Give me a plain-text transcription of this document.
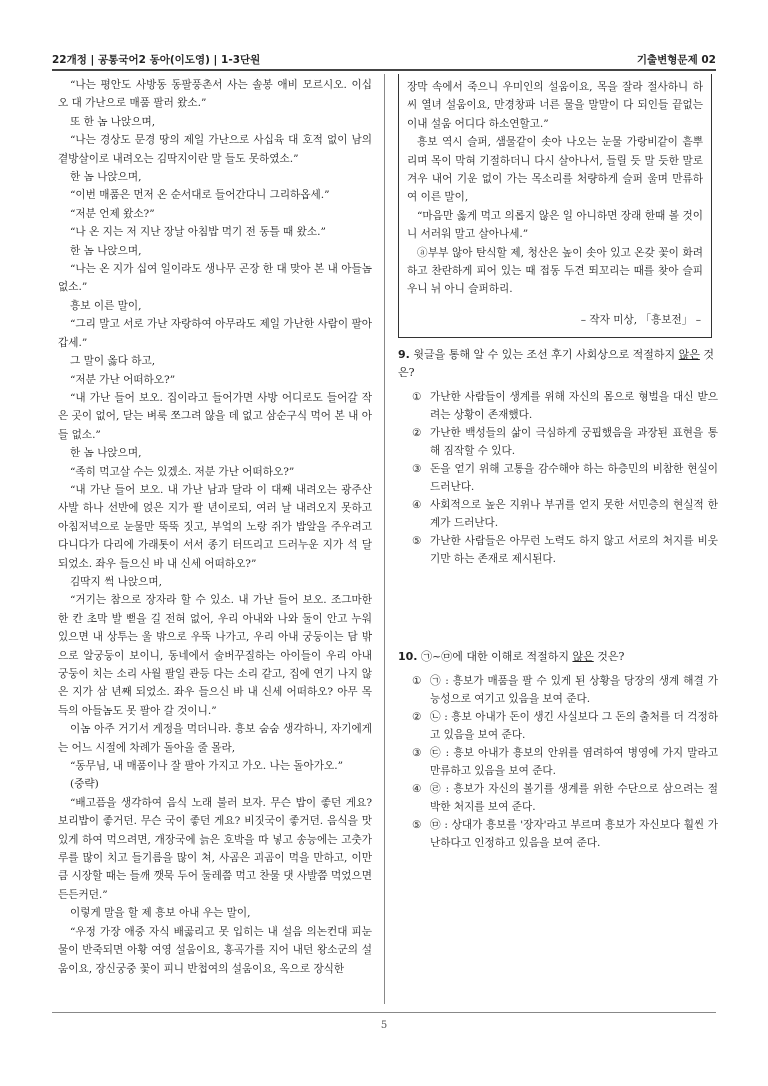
22개정 | 공통국어2 동아(이도영) | 1-3단원	기출변형문제 02
“나는 평안도 사방동 동팔풍촌서 사는 솔봉 애비 모르시오. 이십 오 대 가난으로 매품 팔러 왔소.”
또 한 놈 나앉으며,
“나는 경상도 문경 땅의 제일 가난으로 사십육 대 호적 없이 남의 곁방살이로 내려오는 김딱지이란 말 들도 못하였소.”
한 놈 나앉으며,
“이번 매품은 먼저 온 순서대로 들어간다니 그리하옵세.”
“저분 언제 왔소?”
“나 온 지는 저 지난 장날 아침밥 먹기 전 동틀 때 왔소.”
한 놈 나앉으며,
“나는 온 지가 십여 일이라도 생나무 곤장 한 대 맞아 본 내 아들놈 없소.”
흥보 이른 말이,
“그리 말고 서로 가난 자랑하여 아무라도 제일 가난한 사람이 팔아 갑세.”
그 말이 옳다 하고,
“저분 가난 어떠하오?”
“내 가난 들어 보오. 집이라고 들어가면 사방 어디로도 들어갈 작은 곳이 없어, 닫는 벼룩 쪼그려 않을 데 없고 삼순구식 먹어 본 내 아들 없소.”
한 놈 나앉으며,
“족히 먹고살 수는 있겠소. 저분 가난 어떠하오?”
“내 가난 들어 보오. 내 가난 남과 달라 이 대째 내려오는 광주산 사발 하나 선반에 얹은 지가 팔 년이로되, 여러 날 내려오지 못하고 아침저녁으로 눈물만 뚝뚝 짓고, 부엌의 노랑 쥐가 밥알을 주우려고 다니다가 다리에 가래톳이 서서 종기 터뜨리고 드러누운 지가 석 달 되었소. 좌우 들으신 바 내 신세 어떠하오?”
김딱지 썩 나앉으며,
“거기는 참으로 장자라 할 수 있소. 내 가난 들어 보오. 조그마한 한 칸 초막 발 뻗을 길 전혀 없어, 우리 아내와 나와 둘이 안고 누워 있으면 내 상투는 울 밖으로 우뚝 나가고, 우리 아내 궁둥이는 담 밖으로 알궁둥이 보이니, 동네에서 술버꾸질하는 아이들이 우리 아내 궁둥이 치는 소리 사월 팔일 관등 다는 소리 같고, 집에 연기 나지 않은 지가 삼 년째 되었소. 좌우 들으신 바 내 신세 어떠하오? 아무 목득의 아들놈도 못 팔아 갈 것이니.”
이놈 아주 거기서 게정을 먹더니라. 흥보 숨숨 생각하니, 자기에게는 어느 시절에 차례가 돌아올 줄 몰라,
“동무님, 내 매품이나 잘 팔아 가지고 가오. 나는 돌아가오.”
(중략)
“배고픔을 생각하여 음식 노래 불러 보자. 무슨 밥이 좋던 게요? 보리밥이 좋거던. 무슨 국이 좋던 게요? 비짓국이 좋거던. 음식을 맛있게 하여 먹으려면, 개장국에 늙은 호박을 따 넣고 송능에는 고춧가루를 많이 치고 들기름을 많이 쳐, 사곰은 괴곰이 먹을 만하고, 이만큼 시장할 때는 들깨 깻묵 두어 둘레쯤 먹고 찬물 댓 사발쯤 먹었으면 든든커던.”
이렇게 말을 할 제 흥보 아내 우는 말이,
“우정 가장 애중 자식 배곯리고 못 입히는 내 설음 의논컨대 피눈물이 반죽되면 아황 여영 설움이요, 홍곡가를 지어 내던 왕소군의 설움이요, 장신궁중 꽃이 피니 반첩여의 설움이요, 옥으로 장식한
장막 속에서 죽으니 우미인의 설움이요, 목을 잘라 절사하니 하씨 열녀 설움이요, 만경창파 너른 물을 말말이 다 되인들 끝없는 이내 설움 어디다 하소연할고.”
흥보 역시 슬퍼, 샘물같이 솟아 나오는 눈물 가랑비같이 흩뿌리며 목이 막혀 기절하더니 다시 살아나서, 들릴 듯 말 듯한 말로 겨우 내어 기운 없이 가는 목소리를 처량하게 슬퍼 울며 만류하여 이른 말이,
“마음만 옳게 먹고 의롭지 않은 일 아니하면 장래 한때 볼 것이니 서러워 말고 살아나세.”
ⓐ부부 않아 탄식할 제, 청산은 높이 솟아 있고 온갖 꽃이 화려하고 찬란하게 피어 있는 때 접동 두견 뙤꼬리는 때를 찾아 슬피 우니 뉘 아니 슬퍼하리.
– 작자 미상, 「흥보전」 –
9. 윗글을 통해 알 수 있는 조선 후기 사회상으로 적절하지 않은 것은?
① 가난한 사람들이 생계를 위해 자신의 몸으로 형벌을 대신 받으려는 상황이 존재했다.
② 가난한 백성들의 삶이 극심하게 궁핍했음을 과장된 표현을 통해 짐작할 수 있다.
③ 돈을 얻기 위해 고통을 감수해야 하는 하층민의 비참한 현실이 드러난다.
④ 사회적으로 높은 지위나 부귀를 얻지 못한 서민층의 현실적 한계가 드러난다.
⑤ 가난한 사람들은 아무런 노력도 하지 않고 서로의 처지를 비웃기만 하는 존재로 제시된다.
10. ㉠~㉤에 대한 이해로 적절하지 않은 것은?
① ㉠ : 흥보가 매품을 팔 수 있게 된 상황을 당장의 생계 해결 가능성으로 여기고 있음을 보여 준다.
② ㉡ : 흥보 아내가 돈이 생긴 사실보다 그 돈의 출처를 더 걱정하고 있음을 보여 준다.
③ ㉢ : 흥보 아내가 흥보의 안위를 염려하여 병영에 가지 말라고 만류하고 있음을 보여 준다.
④ ㉣ : 흥보가 자신의 볼기를 생계를 위한 수단으로 삼으려는 절박한 처지를 보여 준다.
⑤ ㉤ : 상대가 흥보를 '장자'라고 부르며 흥보가 자신보다 훨씬 가난하다고 인정하고 있음을 보여 준다.
5
